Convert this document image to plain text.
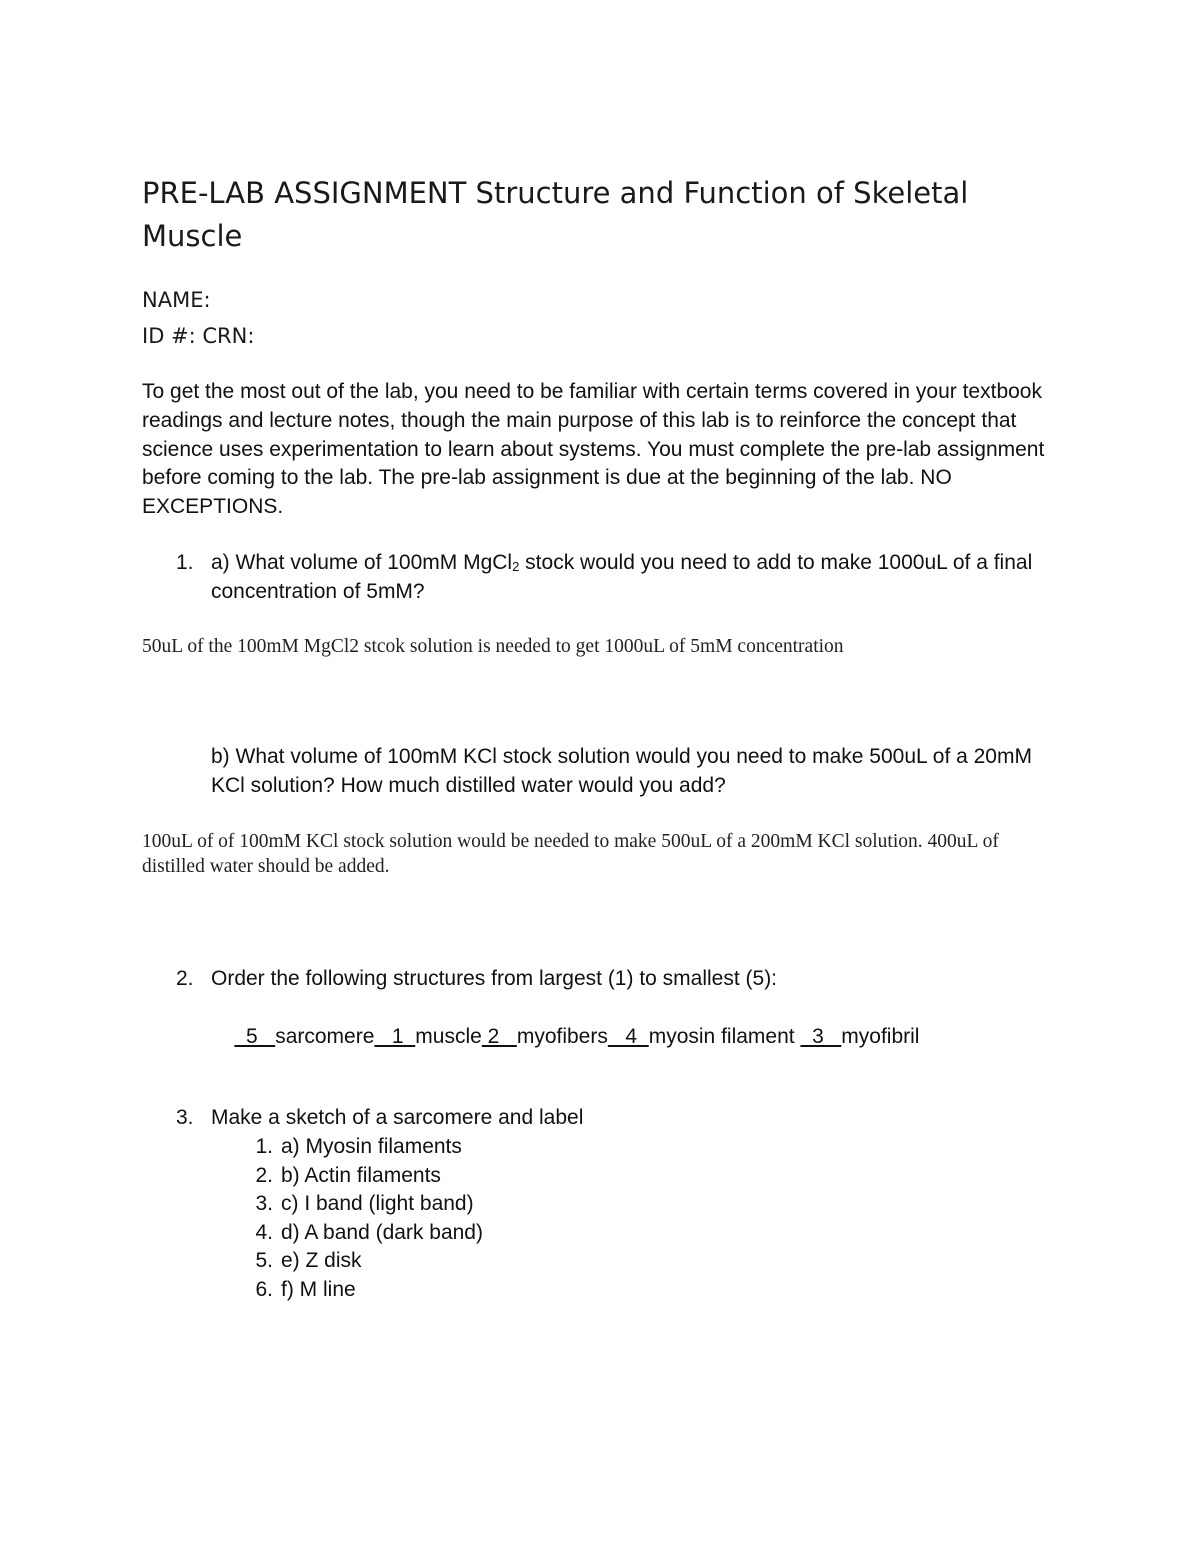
PRE-LAB ASSIGNMENT Structure and Function of Skeletal Muscle
NAME:
ID #: CRN:
To get the most out of the lab, you need to be familiar with certain terms covered in your textbook readings and lecture notes, though the main purpose of this lab is to reinforce the concept that science uses experimentation to learn about systems. You must complete the pre-lab assignment before coming to the lab. The pre-lab assignment is due at the beginning of the lab. NO EXCEPTIONS.
1. a) What volume of 100mM MgCl$_2$ stock would you need to add to make 1000uL of a final concentration of 5mM?
50uL of the 100mM MgCl2 stcok solution is needed to get 1000uL of 5mM concentration
b) What volume of 100mM KCl stock solution would you need to make 500uL of a 20mM KCl solution? How much distilled water would you add?
100uL of of 100mM KCl stock solution would be needed to make 500uL of a 200mM KCl solution. 400uL of distilled water should be added.
2. Order the following structures from largest (1) to smallest (5):

5   sarcomere   1  muscle 2   myofibers   4  myosin filament   3   myofibril

3. Make a sketch of a sarcomere and label
1. a) Myosin filaments
2. b) Actin filaments
3. c) I band (light band)
4. d) A band (dark band)
5. e) Z disk
6. f) M line
